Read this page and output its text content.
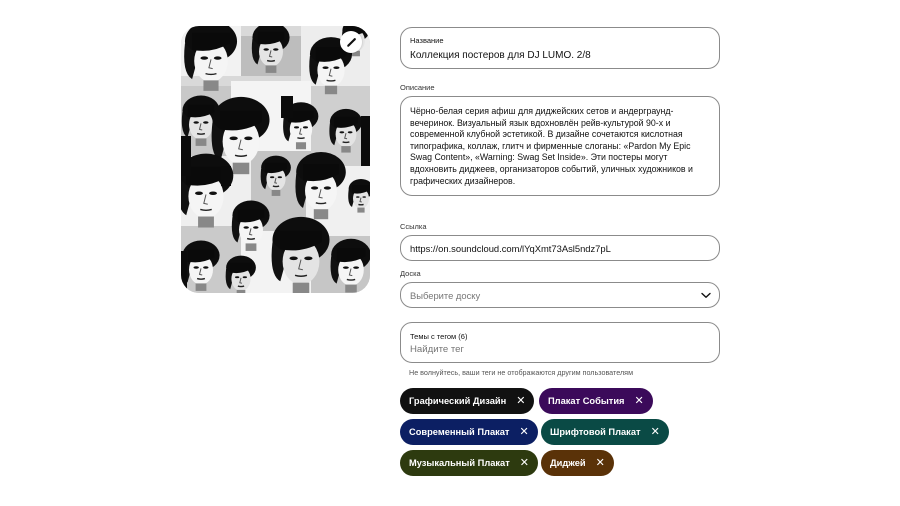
Название
Коллекция постеров для DJ LUMO. 2/8
Описание
Чёрно-белая серия афиш для диджейских сетов и андерграунд-вечеринок. Визуальный язык вдохновлён рейв-культурой 90-х и современной клубной эстетикой. В дизайне сочетаются кислотная типографика, коллаж, глитч и фирменные слоганы: «Pardon My Epic Swag Content», «Warning: Swag Set Inside». Эти постеры могут вдохновить диджеев, организаторов событий, уличных художников и графических дизайнеров.
Ссылка
https://on.soundcloud.com/lYqXmt73Asl5ndz7pL
Доска
Выберите доску
Темы с тегом (6)
Найдите тег
Не волнуйтесь, ваши теги не отображаются другим пользователям
Графический Дизайн ✕ Плакат События ✕
Современный Плакат ✕ Шрифтовой Плакат ✕
Музыкальный Плакат ✕ Диджей ✕
